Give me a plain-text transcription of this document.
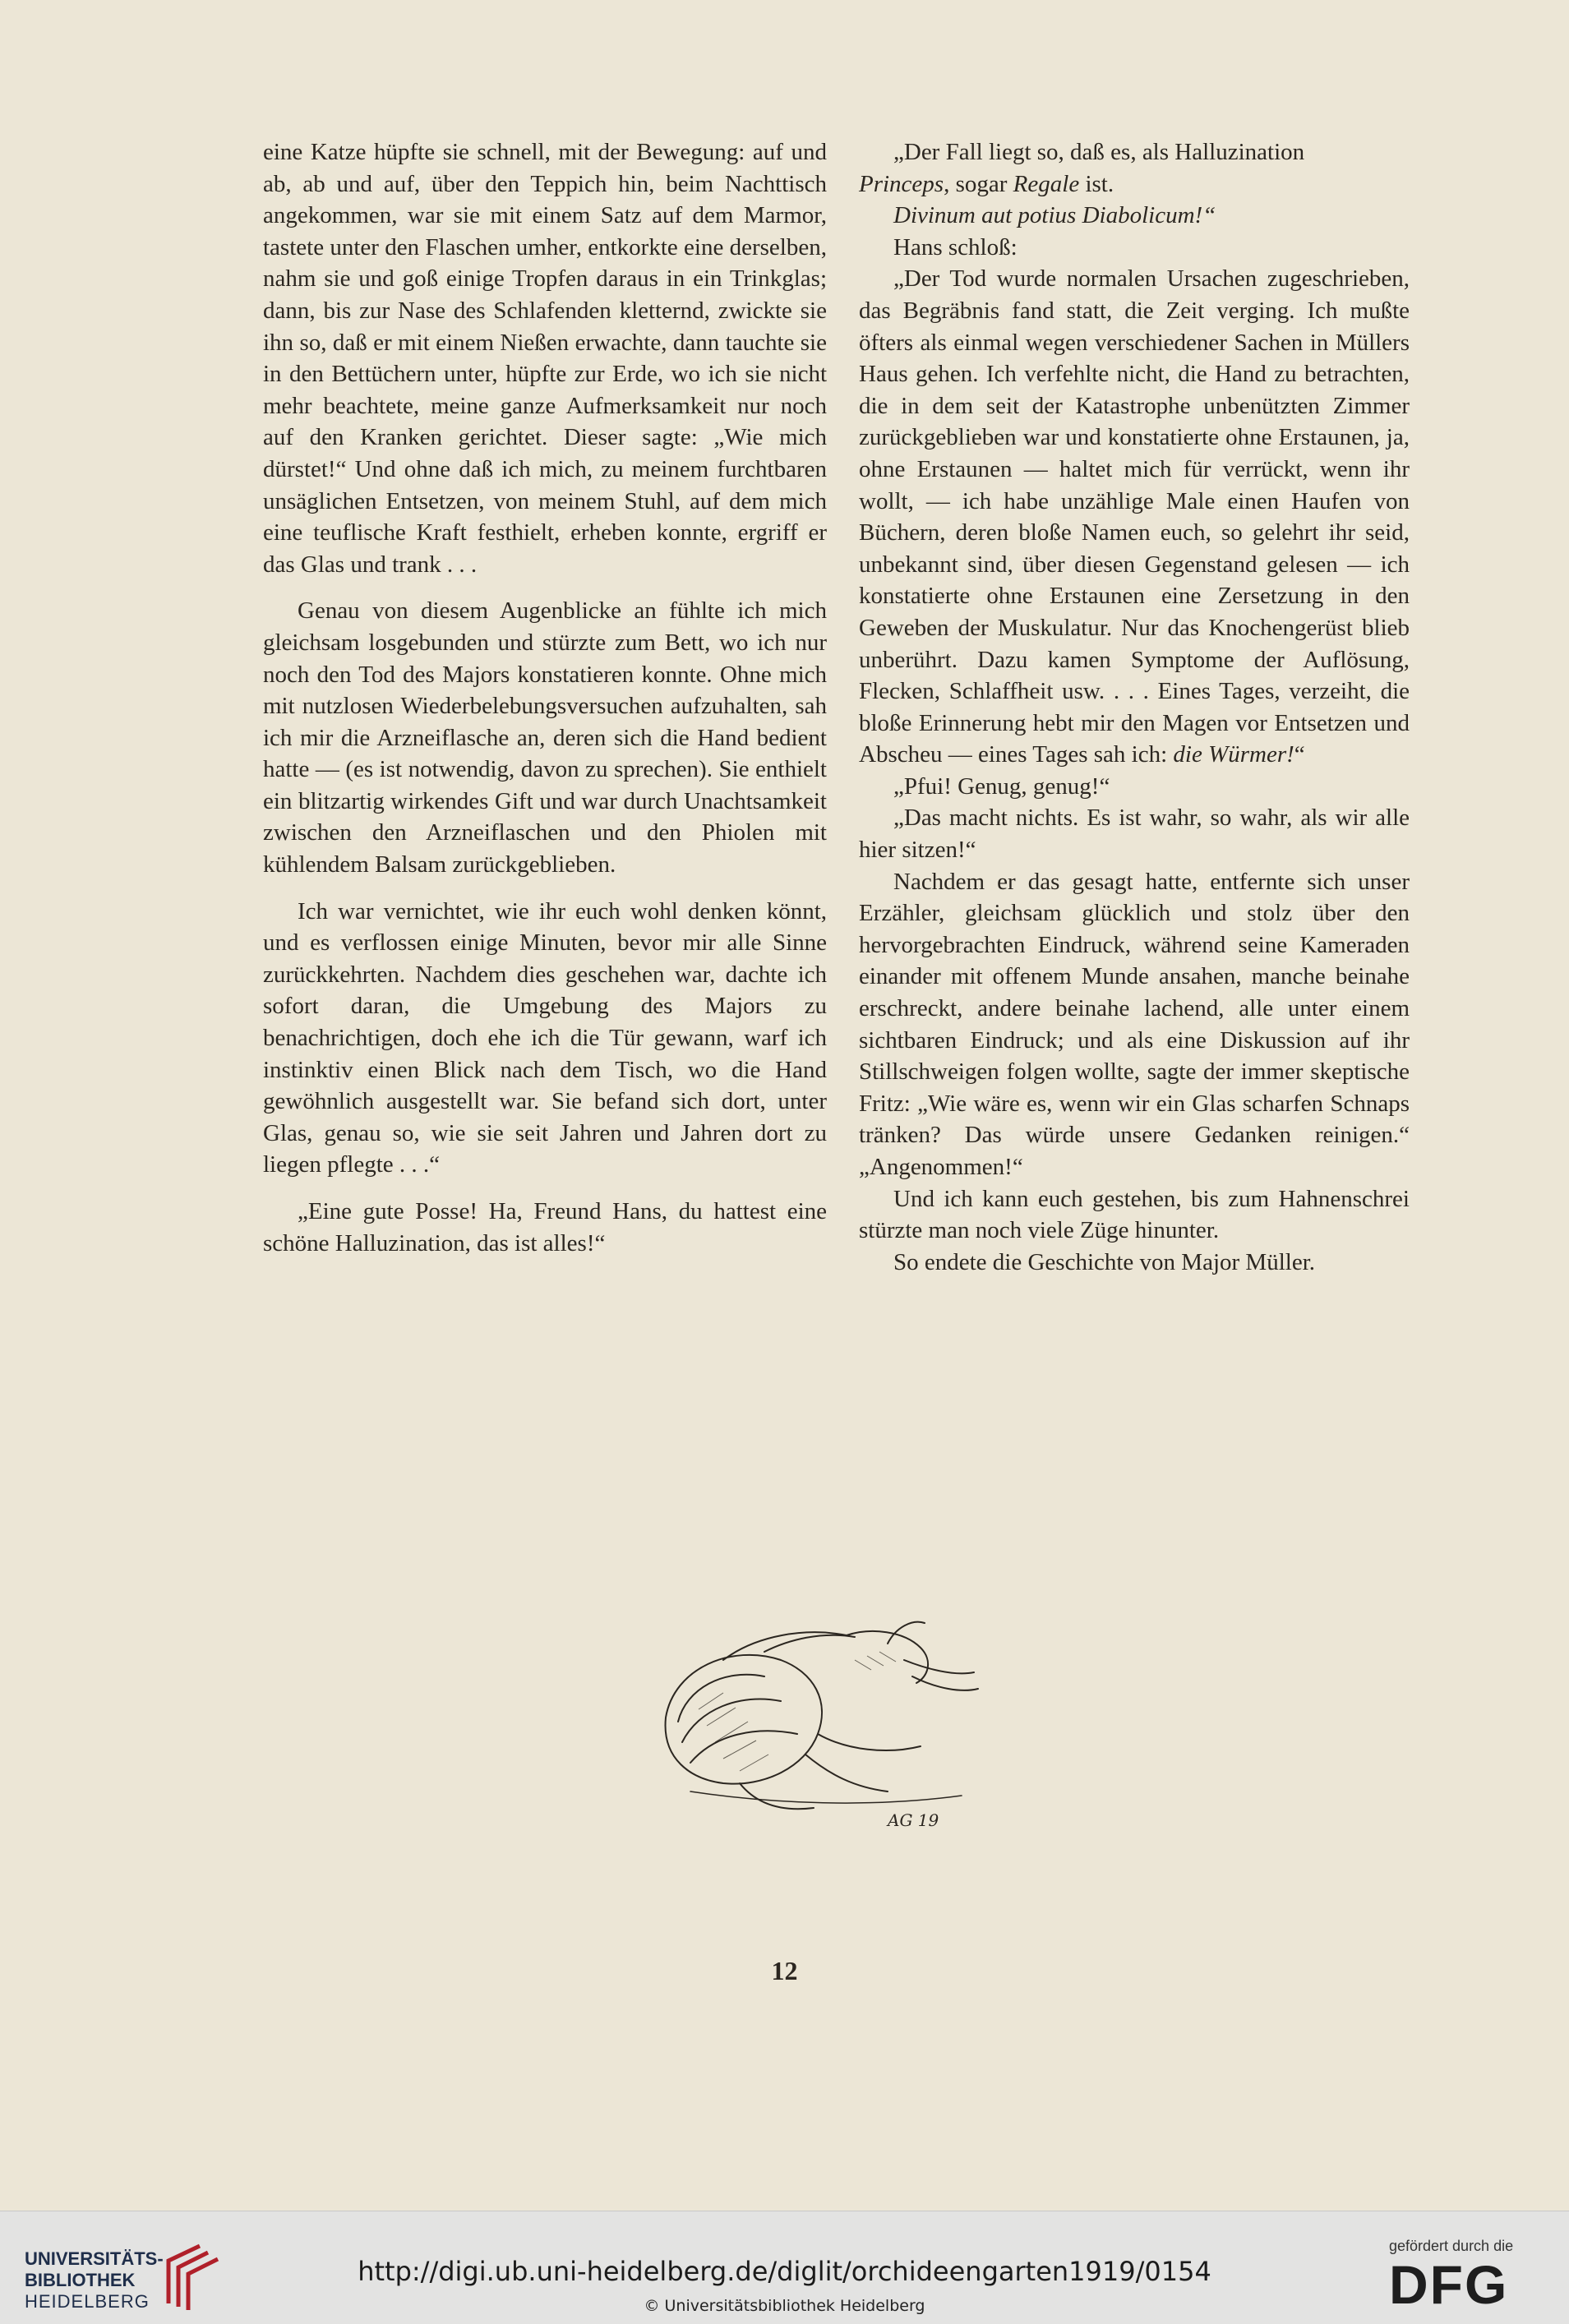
eine Katze hüpfte sie schnell, mit der Bewegung: auf und ab, ab und auf, über den Teppich hin, beim Nachttisch angekommen, war sie mit einem Satz auf dem Marmor, tastete unter den Flaschen umher, entkorkte eine derselben, nahm sie und goß einige Tropfen daraus in ein Trinkglas; dann, bis zur Nase des Schlafenden kletternd, zwickte sie ihn so, daß er mit einem Nießen erwachte, dann tauchte sie in den Bettüchern unter, hüpfte zur Erde, wo ich sie nicht mehr beachtete, meine ganze Aufmerksamkeit nur noch auf den Kranken gerichtet. Dieser sagte: „Wie mich dürstet!“ Und ohne daß ich mich, zu meinem furchtbaren unsäglichen Entsetzen, von meinem Stuhl, auf dem mich eine teuflische Kraft festhielt, erheben konnte, ergriff er das Glas und trank . . .

Genau von diesem Augenblicke an fühlte ich mich gleichsam losgebunden und stürzte zum Bett, wo ich nur noch den Tod des Majors konstatieren konnte. Ohne mich mit nutzlosen Wiederbelebungsversuchen aufzuhalten, sah ich mir die Arzneiflasche an, deren sich die Hand bedient hatte — (es ist notwendig, davon zu sprechen). Sie enthielt ein blitzartig wirkendes Gift und war durch Unachtsamkeit zwischen den Arzneiflaschen und den Phiolen mit kühlendem Balsam zurückgeblieben.

Ich war vernichtet, wie ihr euch wohl denken könnt, und es verflossen einige Minuten, bevor mir alle Sinne zurückkehrten. Nachdem dies geschehen war, dachte ich sofort daran, die Umgebung des Majors zu benachrichtigen, doch ehe ich die Tür gewann, warf ich instinktiv einen Blick nach dem Tisch, wo die Hand gewöhnlich ausgestellt war. Sie befand sich dort, unter Glas, genau so, wie sie seit Jahren und Jahren dort zu liegen pflegte . . .“

„Eine gute Posse! Ha, Freund Hans, du hattest eine schöne Halluzination, das ist alles!“

„Der Fall liegt so, daß es, als Halluzination
Princeps, sogar Regale ist.

Divinum aut potius Diabolicum!“

Hans schloß:

„Der Tod wurde normalen Ursachen zugeschrieben, das Begräbnis fand statt, die Zeit verging. Ich mußte öfters als einmal wegen verschiedener Sachen in Müllers Haus gehen. Ich verfehlte nicht, die Hand zu betrachten, die in dem seit der Katastrophe unbenützten Zimmer zurückgeblieben war und konstatierte ohne Erstaunen, ja, ohne Erstaunen — haltet mich für verrückt, wenn ihr wollt, — ich habe unzählige Male einen Haufen von Büchern, deren bloße Namen euch, so gelehrt ihr seid, unbekannt sind, über diesen Gegenstand gelesen — ich konstatierte ohne Erstaunen eine Zersetzung in den Geweben der Muskulatur. Nur das Knochengerüst blieb unberührt. Dazu kamen Symptome der Auflösung, Flecken, Schlaffheit usw. . . . Eines Tages, verzeiht, die bloße Erinnerung hebt mir den Magen vor Entsetzen und Abscheu — eines Tages sah ich: die Würmer!“

„Pfui! Genug, genug!“

„Das macht nichts. Es ist wahr, so wahr, als wir alle hier sitzen!“

Nachdem er das gesagt hatte, entfernte sich unser Erzähler, gleichsam glücklich und stolz über den hervorgebrachten Eindruck, während seine Kameraden einander mit offenem Munde ansahen, manche beinahe erschreckt, andere beinahe lachend, alle unter einem sichtbaren Eindruck; und als eine Diskussion auf ihr Stillschweigen folgen wollte, sagte der immer skeptische Fritz: „Wie wäre es, wenn wir ein Glas scharfen Schnaps tränken? Das würde unsere Gedanken reinigen.“ „Angenommen!“

Und ich kann euch gestehen, bis zum Hahnenschrei stürzte man noch viele Züge hinunter.

So endete die Geschichte von Major Müller.

AG 19
12
UNIVERSITÄTS-
BIBLIOTHEK
HEIDELBERG
http://digi.ub.uni-heidelberg.de/diglit/orchideengarten1919/0154
© Universitätsbibliothek Heidelberg
gefördert durch die
DFG
